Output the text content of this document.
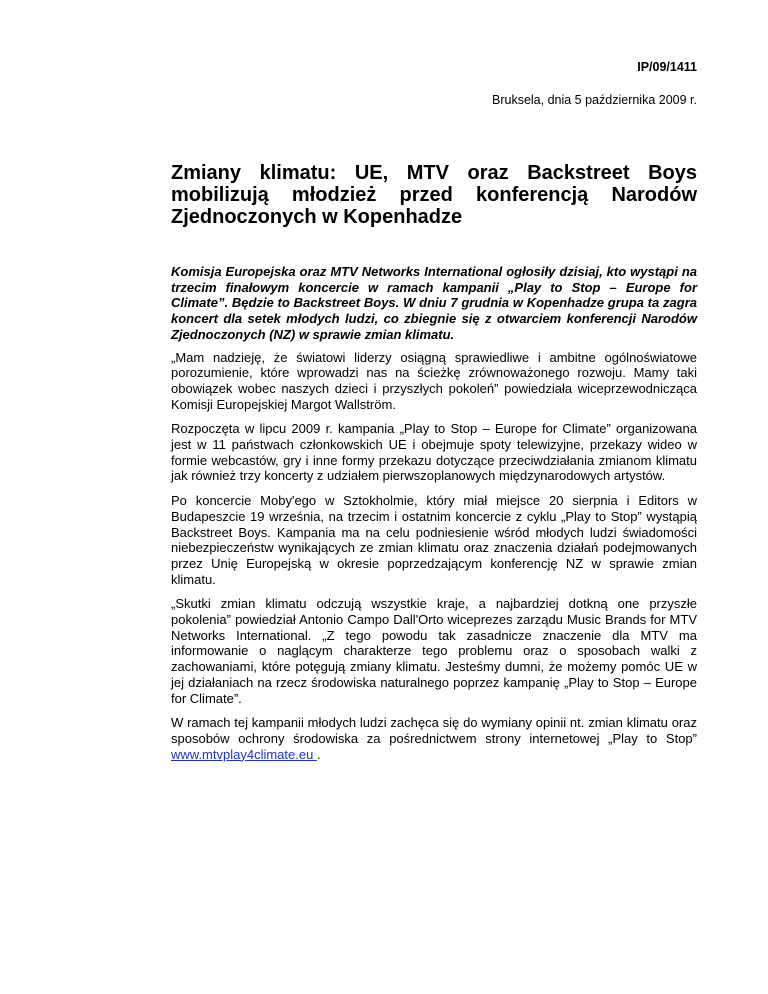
IP/09/1411
Bruksela, dnia 5 października 2009 r.
Zmiany klimatu: UE, MTV oraz Backstreet Boys mobilizują młodzież przed konferencją Narodów Zjednoczonych w Kopenhadze

Komisja Europejska oraz MTV Networks International ogłosiły dzisiaj, kto wystąpi na trzecim finałowym koncercie w ramach kampanii „Play to Stop – Europe for Climate”. Będzie to Backstreet Boys. W dniu 7 grudnia w Kopenhadze grupa ta zagra koncert dla setek młodych ludzi, co zbiegnie się z otwarciem konferencji Narodów Zjednoczonych (NZ) w sprawie zmian klimatu.

„Mam nadzieję, że światowi liderzy osiągną sprawiedliwe i ambitne ogólnoświatowe porozumienie, które wprowadzi nas na ścieżkę zrównoważonego rozwoju. Mamy taki obowiązek wobec naszych dzieci i przyszłych pokoleń” powiedziała wiceprzewodnicząca Komisji Europejskiej Margot Wallström.

Rozpoczęta w lipcu 2009 r. kampania „Play to Stop – Europe for Climate” organizowana jest w 11 państwach członkowskich UE i obejmuje spoty telewizyjne, przekazy wideo w formie webcastów, gry i inne formy przekazu dotyczące przeciwdziałania zmianom klimatu jak również trzy koncerty z udziałem pierwszoplanowych międzynarodowych artystów.

Po koncercie Moby'ego w Sztokholmie, który miał miejsce 20 sierpnia i Editors w Budapeszcie 19 września, na trzecim i ostatnim koncercie z cyklu „Play to Stop” wystąpią Backstreet Boys. Kampania ma na celu podniesienie wśród młodych ludzi świadomości niebezpieczeństw wynikających ze zmian klimatu oraz znaczenia działań podejmowanych przez Unię Europejską w okresie poprzedzającym konferencję NZ w sprawie zmian klimatu.

„Skutki zmian klimatu odczują wszystkie kraje, a najbardziej dotkną one przyszłe pokolenia” powiedział Antonio Campo Dall'Orto wiceprezes zarządu Music Brands for MTV Networks International. „Z tego powodu tak zasadnicze znaczenie dla MTV ma informowanie o naglącym charakterze tego problemu oraz o sposobach walki z zachowaniami, które potęgują zmiany klimatu. Jesteśmy dumni, że możemy pomóc UE w jej działaniach na rzecz środowiska naturalnego poprzez kampanię „Play to Stop – Europe for Climate”.

W ramach tej kampanii młodych ludzi zachęca się do wymiany opinii nt. zmian klimatu oraz sposobów ochrony środowiska za pośrednictwem strony internetowej „Play to Stop” www.mtvplay4climate.eu .
